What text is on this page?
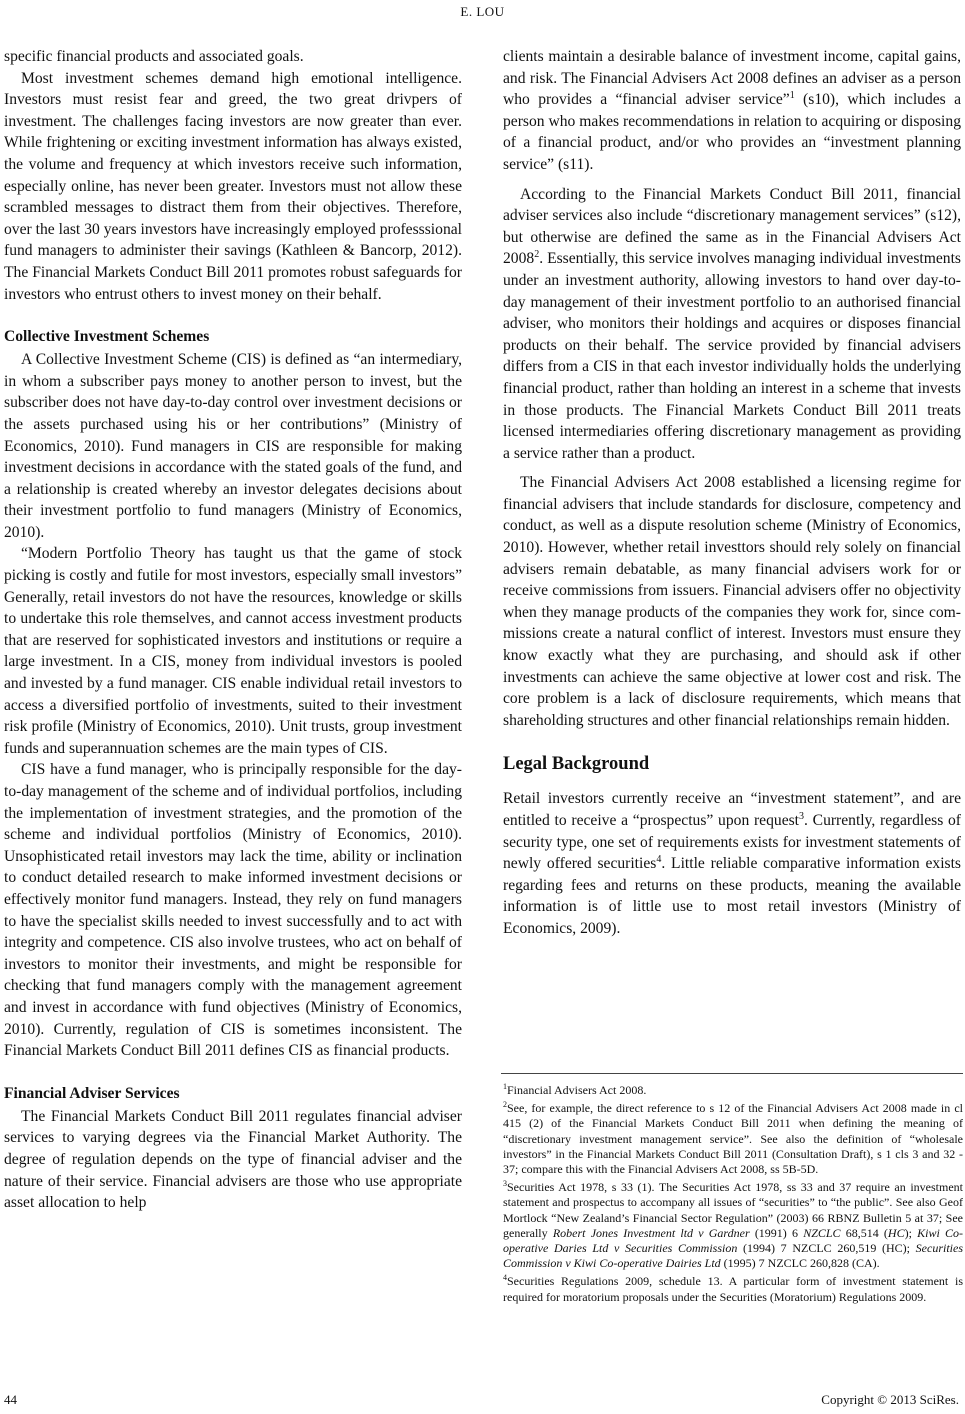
E. LOU

specific financial products and associated goals.

Most investment schemes demand high emotional intelligence. Investors must resist fear and greed, the two great drivpers of investment. The challenges facing investors are now greater than ever. While frightening or exciting investment information has always existed, the volume and frequency at which investors receive such information, especially online, has never been greater. Investors must not allow these scrambled messages to distract them from their objectives. Therefore, over the last 30 years investors have increasingly employed professsional fund managers to administer their savings (Kathleen & Bancorp, 2012). The Financial Markets Conduct Bill 2011 promotes robust safeguards for investors who entrust others to invest money on their behalf.

Collective Investment Schemes

A Collective Investment Scheme (CIS) is defined as “an intermediary, in whom a subscriber pays money to another person to invest, but the subscriber does not have day-to-day control over investment decisions or the assets purchased using his or her contributions” (Ministry of Economics, 2010). Fund managers in CIS are responsible for making investment decisions in accordance with the stated goals of the fund, and a relationship is created whereby an investor delegates decisions about their investment portfolio to fund managers (Ministry of Economics, 2010).

“Modern Portfolio Theory has taught us that the game of stock picking is costly and futile for most investors, especially small investors” Generally, retail investors do not have the resources, knowledge or skills to undertake this role themselves, and cannot access investment products that are reserved for sophisticated investors and institutions or require a large investment. In a CIS, money from individual investors is pooled and invested by a fund manager. CIS enable individual retail investors to access a diversified portfolio of investments, suited to their investment risk profile (Ministry of Economics, 2010). Unit trusts, group investment funds and superannuation schemes are the main types of CIS.

CIS have a fund manager, who is principally responsible for the day-to-day management of the scheme and of individual portfolios, including the implementation of investment strategies, and the promotion of the scheme and individual portfolios (Ministry of Economics, 2010). Unsophisticated retail investors may lack the time, ability or inclination to conduct detailed research to make informed investment decisions or effectively monitor fund managers. Instead, they rely on fund managers to have the specialist skills needed to invest successfully and to act with integrity and competence. CIS also involve trustees, who act on behalf of investors to monitor their investments, and might be responsible for checking that fund managers comply with the management agreement and invest in accordance with fund objectives (Ministry of Economics, 2010). Currently, regulation of CIS is sometimes inconsistent. The Financial Markets Conduct Bill 2011 defines CIS as financial products.

Financial Adviser Services

The Financial Markets Conduct Bill 2011 regulates financial adviser services to varying degrees via the Financial Market Authority. The degree of regulation depends on the type of financial adviser and the nature of their service. Financial advisers are those who use appropriate asset allocation to help

clients maintain a desirable balance of investment income, capital gains, and risk. The Financial Advisers Act 2008 defines an adviser as a person who provides a “financial adviser service”$^1$ (s10), which includes a person who makes recommendations in relation to acquiring or disposing of a financial product, and/or who provides an “investment planning service” (s11).

According to the Financial Markets Conduct Bill 2011, financial adviser services also include “discretionary management services” (s12), but otherwise are defined the same as in the Financial Advisers Act 2008$^2$. Essentially, this service involves managing individual investments under an investment authority, allowing investors to hand over day-to-day management of their investment portfolio to an authorised financial adviser, who monitors their holdings and acquires or disposes financial products on their behalf. The service provided by financial advisers differs from a CIS in that each investor individually holds the underlying financial product, rather than holding an interest in a scheme that invests in those products. The Financial Markets Conduct Bill 2011 treats licensed intermediaries offering discretionary management as providing a service rather than a product.

The Financial Advisers Act 2008 established a licensing regime for financial advisers that include standards for disclosure, competency and conduct, as well as a dispute resolution scheme (Ministry of Economics, 2010). However, whether retail investtors should rely solely on financial advisers remain debatable, as many financial advisers work for or receive commissions from issuers. Financial advisers offer no objectivity when they manage products of the companies they work for, since commissions create a natural conflict of interest. Investors must ensure they know exactly what they are purchasing, and should ask if other investments can achieve the same objective at lower cost and risk. The core problem is a lack of disclosure requirements, which means that shareholding structures and other financial relationships remain hidden.

Legal Background

Retail investors currently receive an “investment statement”, and are entitled to receive a “prospectus” upon request$^3$. Currently, regardless of security type, one set of requirements exists for investment statements of newly offered securities$^4$. Little reliable comparative information exists regarding fees and returns on these products, meaning the available information is of little use to most retail investors (Ministry of Economics, 2009).

$^1$Financial Advisers Act 2008.
$^2$See, for example, the direct reference to s 12 of the Financial Advisers Act 2008 made in cl 415 (2) of the Financial Markets Conduct Bill 2011 when defining the meaning of “discretionary investment management service”. See also the definition of “wholesale investors” in the Financial Markets Conduct Bill 2011 (Consultation Draft), s 1 cls 3 and 32 - 37; compare this with the Financial Advisers Act 2008, ss 5B-5D.
$^3$Securities Act 1978, s 33 (1). The Securities Act 1978, ss 33 and 37 require an investment statement and prospectus to accompany all issues of “securities” to “the public”. See also Geof Mortlock “New Zealand’s Financial Sector Regulation” (2003) 66 RBNZ Bulletin 5 at 37; See generally Robert Jones Investment ltd v Gardner (1991) 6 NZCLC 68,514 (HC); Kiwi Cooperative Daries Ltd v Securities Commission (1994) 7 NZCLC 260,519 (HC); Securities Commission v Kiwi Co-operative Dairies Ltd (1995) 7 NZCLC 260,828 (CA).
$^4$Securities Regulations 2009, schedule 13. A particular form of investment statement is required for moratorium proposals under the Securities (Moratorium) Regulations 2009.
44	Copyright © 2013 SciRes.
